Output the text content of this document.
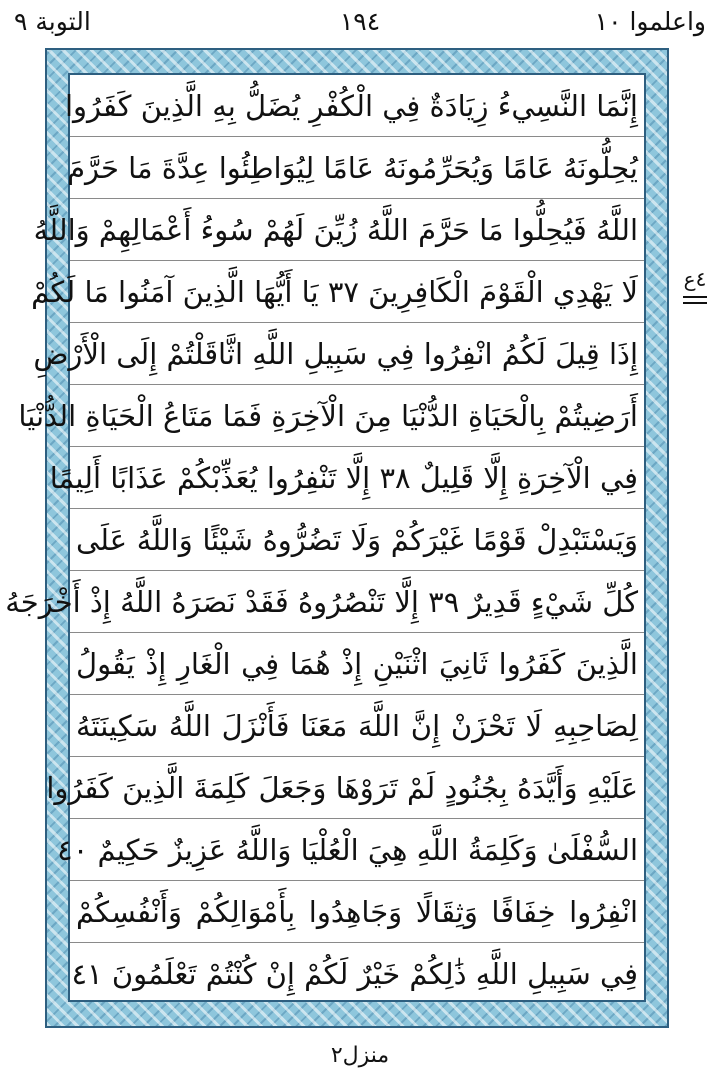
واعلموا ١٠
١٩٤
التوبة ٩
إِنَّمَا النَّسِيءُ زِيَادَةٌ فِي الْكُفْرِ يُضَلُّ بِهِ الَّذِينَ كَفَرُوا
يُحِلُّونَهُ عَامًا وَيُحَرِّمُونَهُ عَامًا لِيُوَاطِئُوا عِدَّةَ مَا حَرَّمَ
اللَّهُ فَيُحِلُّوا مَا حَرَّمَ اللَّهُ زُيِّنَ لَهُمْ سُوءُ أَعْمَالِهِمْ وَاللَّهُ
لَا يَهْدِي الْقَوْمَ الْكَافِرِينَ ٣٧ يَا أَيُّهَا الَّذِينَ آمَنُوا مَا لَكُمْ
إِذَا قِيلَ لَكُمُ انْفِرُوا فِي سَبِيلِ اللَّهِ اثَّاقَلْتُمْ إِلَى الْأَرْضِ
أَرَضِيتُمْ بِالْحَيَاةِ الدُّنْيَا مِنَ الْآخِرَةِ فَمَا مَتَاعُ الْحَيَاةِ الدُّنْيَا
فِي الْآخِرَةِ إِلَّا قَلِيلٌ ٣٨ إِلَّا تَنْفِرُوا يُعَذِّبْكُمْ عَذَابًا أَلِيمًا
وَيَسْتَبْدِلْ قَوْمًا غَيْرَكُمْ وَلَا تَضُرُّوهُ شَيْئًا وَاللَّهُ عَلَى
كُلِّ شَيْءٍ قَدِيرٌ ٣٩ إِلَّا تَنْصُرُوهُ فَقَدْ نَصَرَهُ اللَّهُ إِذْ أَخْرَجَهُ
الَّذِينَ كَفَرُوا ثَانِيَ اثْنَيْنِ إِذْ هُمَا فِي الْغَارِ إِذْ يَقُولُ
لِصَاحِبِهِ لَا تَحْزَنْ إِنَّ اللَّهَ مَعَنَا فَأَنْزَلَ اللَّهُ سَكِينَتَهُ
عَلَيْهِ وَأَيَّدَهُ بِجُنُودٍ لَمْ تَرَوْهَا وَجَعَلَ كَلِمَةَ الَّذِينَ كَفَرُوا
السُّفْلَىٰ وَكَلِمَةُ اللَّهِ هِيَ الْعُلْيَا وَاللَّهُ عَزِيزٌ حَكِيمٌ ٤٠
انْفِرُوا خِفَافًا وَثِقَالًا وَجَاهِدُوا بِأَمْوَالِكُمْ وَأَنْفُسِكُمْ
فِي سَبِيلِ اللَّهِ ذَٰلِكُمْ خَيْرٌ لَكُمْ إِنْ كُنْتُمْ تَعْلَمُونَ ٤١
٤ع
منزل٢
